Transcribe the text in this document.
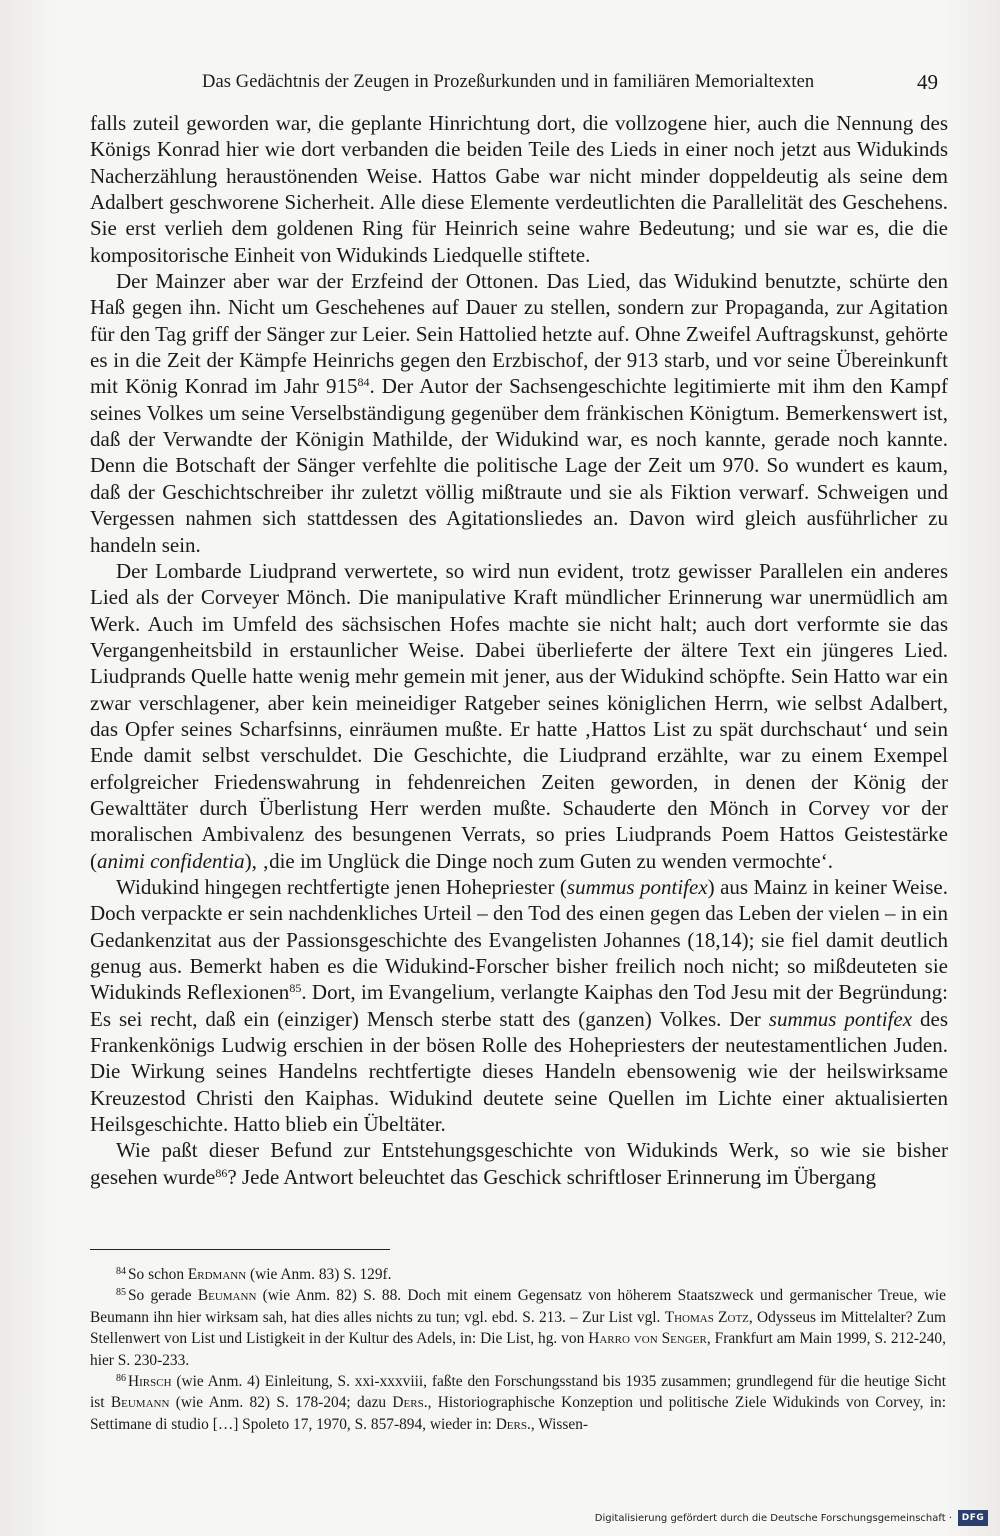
Das Gedächtnis der Zeugen in Prozeßurkunden und in familiären Memorialtexten	49

falls zuteil geworden war, die geplante Hinrichtung dort, die vollzogene hier, auch die Nennung des Königs Konrad hier wie dort verbanden die beiden Teile des Lieds in einer noch jetzt aus Widukinds Nacherzählung heraustönenden Weise. Hattos Gabe war nicht minder doppeldeutig als seine dem Adalbert geschworene Sicherheit. Alle diese Elemente verdeutlichten die Parallelität des Geschehens. Sie erst verlieh dem goldenen Ring für Heinrich seine wahre Bedeutung; und sie war es, die die kompositorische Einheit von Widukinds Liedquelle stiftete.

Der Mainzer aber war der Erzfeind der Ottonen. Das Lied, das Widukind benutzte, schürte den Haß gegen ihn. Nicht um Geschehenes auf Dauer zu stellen, sondern zur Propaganda, zur Agitation für den Tag griff der Sänger zur Leier. Sein Hattolied hetzte auf. Ohne Zweifel Auftragskunst, gehörte es in die Zeit der Kämpfe Heinrichs gegen den Erzbischof, der 913 starb, und vor seine Übereinkunft mit König Konrad im Jahr $915^{84}$. Der Autor der Sachsengeschichte legitimierte mit ihm den Kampf seines Volkes um seine Verselbständigung gegenüber dem fränkischen Königtum. Bemerkenswert ist, daß der Verwandte der Königin Mathilde, der Widukind war, es noch kannte, gerade noch kannte. Denn die Botschaft der Sänger verfehlte die politische Lage der Zeit um 970. So wundert es kaum, daß der Geschichtschreiber ihr zuletzt völlig mißtraute und sie als Fiktion verwarf. Schweigen und Vergessen nahmen sich stattdessen des Agitationsliedes an. Davon wird gleich ausführlicher zu handeln sein.

Der Lombarde Liudprand verwertete, so wird nun evident, trotz gewisser Parallelen ein anderes Lied als der Corveyer Mönch. Die manipulative Kraft mündlicher Erinnerung war unermüdlich am Werk. Auch im Umfeld des sächsischen Hofes machte sie nicht halt; auch dort verformte sie das Vergangenheitsbild in erstaunlicher Weise. Dabei überlieferte der ältere Text ein jüngeres Lied. Liudprands Quelle hatte wenig mehr gemein mit jener, aus der Widukind schöpfte. Sein Hatto war ein zwar verschlagener, aber kein meineidiger Ratgeber seines königlichen Herrn, wie selbst Adalbert, das Opfer seines Scharfsinns, einräumen mußte. Er hatte ‚Hattos List zu spät durchschaut‘ und sein Ende damit selbst verschuldet. Die Geschichte, die Liudprand erzählte, war zu einem Exempel erfolgreicher Friedenswahrung in fehdenreichen Zeiten geworden, in denen der König der Gewalttäter durch Überlistung Herr werden mußte. Schauderte den Mönch in Corvey vor der moralischen Ambivalenz des besungenen Verrats, so pries Liudprands Poem Hattos Geistestärke (animi confidentia), ‚die im Unglück die Dinge noch zum Guten zu wenden vermochte‘.

Widukind hingegen rechtfertigte jenen Hohepriester (summus pontifex) aus Mainz in keiner Weise. Doch verpackte er sein nachdenkliches Urteil – den Tod des einen gegen das Leben der vielen – in ein Gedankenzitat aus der Passionsgeschichte des Evangelisten Johannes (18,14); sie fiel damit deutlich genug aus. Bemerkt haben es die Widukind-Forscher bisher freilich noch nicht; so mißdeuteten sie Widukinds Reflexionen$^{85}$. Dort, im Evangelium, verlangte Kaiphas den Tod Jesu mit der Begründung: Es sei recht, daß ein (einziger) Mensch sterbe statt des (ganzen) Volkes. Der summus pontifex des Frankenkönigs Ludwig erschien in der bösen Rolle des Hohepriesters der neutestamentlichen Juden. Die Wirkung seines Handelns rechtfertigte dieses Handeln ebensowenig wie der heilswirksame Kreuzestod Christi den Kaiphas. Widukind deutete seine Quellen im Lichte einer aktualisierten Heilsgeschichte. Hatto blieb ein Übeltäter.

Wie paßt dieser Befund zur Entstehungsgeschichte von Widukinds Werk, so wie sie bisher gesehen wurde$^{86}$? Jede Antwort beleuchtet das Geschick schriftloser Erinnerung im Übergang

$^{84}$ So schon Erdmann (wie Anm. 83) S. 129f.

$^{85}$ So gerade Beumann (wie Anm. 82) S. 88. Doch mit einem Gegensatz von höherem Staatszweck und germanischer Treue, wie Beumann ihn hier wirksam sah, hat dies alles nichts zu tun; vgl. ebd. S. 213. – Zur List vgl. Thomas Zotz, Odysseus im Mittelalter? Zum Stellenwert von List und Listigkeit in der Kultur des Adels, in: Die List, hg. von Harro von Senger, Frankfurt am Main 1999, S. 212-240, hier S. 230-233.

$^{86}$ Hirsch (wie Anm. 4) Einleitung, S. xxi-xxxviii, faßte den Forschungsstand bis 1935 zusammen; grundlegend für die heutige Sicht ist Beumann (wie Anm. 82) S. 178-204; dazu Ders., Historiographische Konzeption und politische Ziele Widukinds von Corvey, in: Settimane di studio […] Spoleto 17, 1970, S. 857-894, wieder in: Ders., Wissen-

Digitalisierung gefördert durch die Deutsche Forschungsgemeinschaft ·	DFG
